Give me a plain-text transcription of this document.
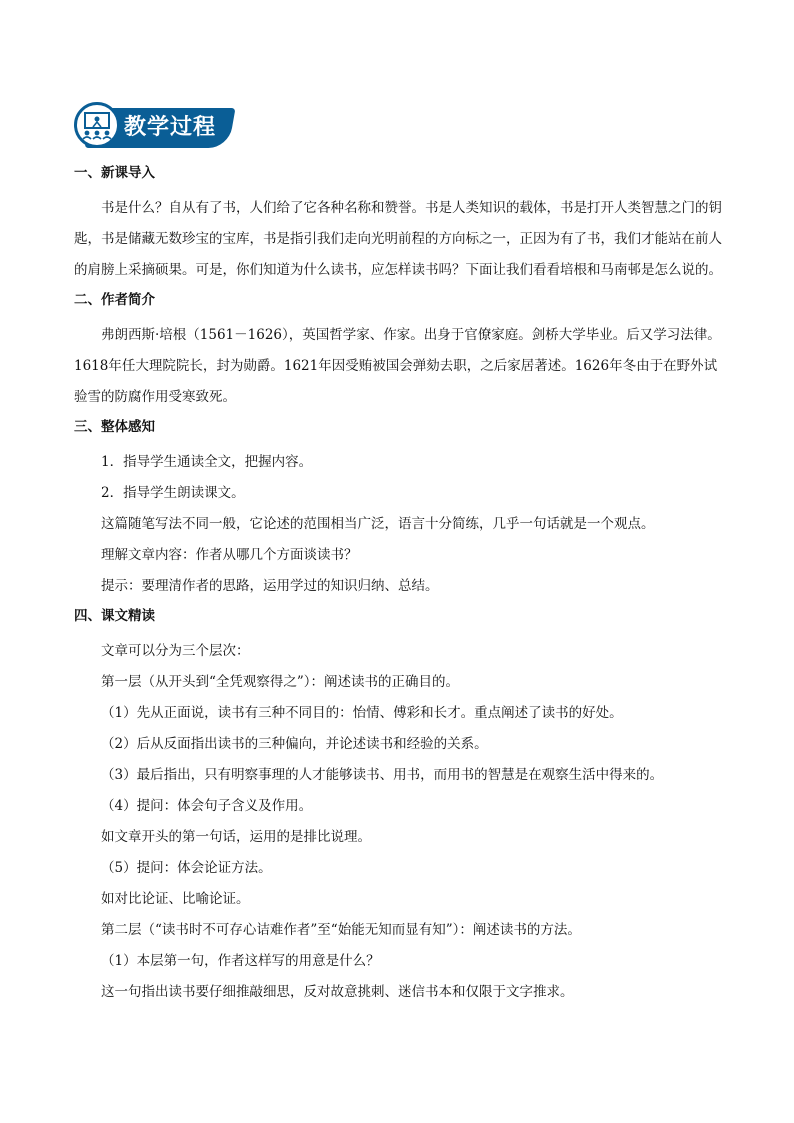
教学过程
一、新课导入

书是什么？自从有了书，人们给了它各种名称和赞誉。书是人类知识的载体，书是打开人类智慧之门的钥匙，书是储藏无数珍宝的宝库，书是指引我们走向光明前程的方向标之一，正因为有了书，我们才能站在前人的肩膀上采摘硕果。可是，你们知道为什么读书，应怎样读书吗？下面让我们看看培根和马南邨是怎么说的。

二、作者简介

弗朗西斯·培根（1561－1626），英国哲学家、作家。出身于官僚家庭。剑桥大学毕业。后又学习法律。1618年任大理院院长，封为勋爵。1621年因受贿被国会弹劾去职，之后家居著述。1626年冬由于在野外试验雪的防腐作用受寒致死。

三、整体感知

1．指导学生通读全文，把握内容。

2．指导学生朗读课文。

这篇随笔写法不同一般，它论述的范围相当广泛，语言十分简练，几乎一句话就是一个观点。

理解文章内容：作者从哪几个方面谈读书？

提示：要理清作者的思路，运用学过的知识归纳、总结。

四、课文精读

文章可以分为三个层次：

第一层（从开头到“全凭观察得之”）：阐述读书的正确目的。

（1）先从正面说，读书有三种不同目的：怡情、傅彩和长才。重点阐述了读书的好处。

（2）后从反面指出读书的三种偏向，并论述读书和经验的关系。

（3）最后指出，只有明察事理的人才能够读书、用书，而用书的智慧是在观察生活中得来的。

（4）提问：体会句子含义及作用。

如文章开头的第一句话，运用的是排比说理。

（5）提问：体会论证方法。

如对比论证、比喻论证。

第二层（“读书时不可存心诘难作者”至“始能无知而显有知”）：阐述读书的方法。

（1）本层第一句，作者这样写的用意是什么？

这一句指出读书要仔细推敲细思，反对故意挑刺、迷信书本和仅限于文字推求。
